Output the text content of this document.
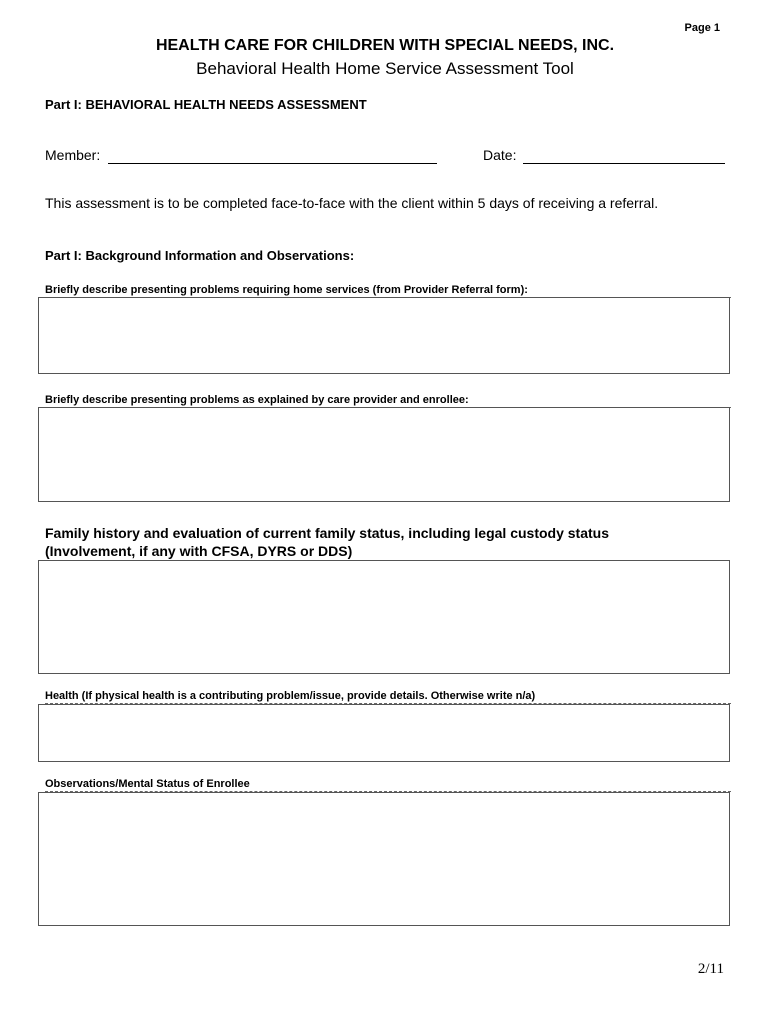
Page 1
HEALTH CARE FOR CHILDREN WITH SPECIAL NEEDS, INC.
Behavioral Health Home Service Assessment Tool
Part I: BEHAVIORAL HEALTH NEEDS ASSESSMENT
Member:	Date:
This assessment is to be completed face-to-face with the client within 5 days of receiving a referral.
Part I: Background Information and Observations:
Briefly describe presenting problems requiring home services (from Provider Referral form):
Briefly describe presenting problems as explained by care provider and enrollee:
Family history and evaluation of current family status, including legal custody status
(Involvement, if any with CFSA, DYRS or DDS)
Health (If physical health is a contributing problem/issue, provide details. Otherwise write n/a)
Observations/Mental Status of Enrollee
2/11
